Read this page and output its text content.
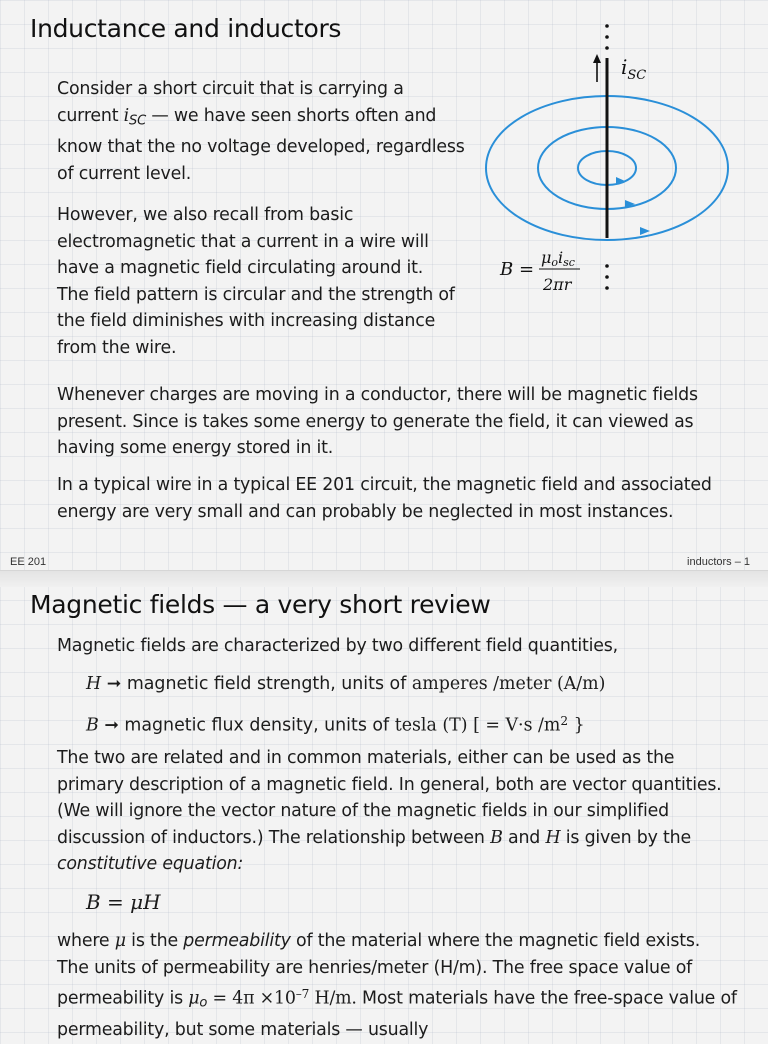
Inductance and inductors

Consider a short circuit that is carrying a current $i_{SC}$ — we have seen shorts often and know that the no voltage developed, regardless of current level.

However, we also recall from basic electromagnetic that a current in a wire will have a magnetic field circulating around it. The field pattern is circular and the strength of the field diminishes with increasing distance from the wire.

Whenever charges are moving in a conductor, there will be magnetic fields present. Since is takes some energy to generate the field, it can viewed as having some energy stored in it.

In a typical wire in a typical EE 201 circuit, the magnetic field and associated energy are very small and can probably be neglected in most instances.

$i_{SC}$
B =
μoisc
2πr
EE 201	inductors – 1
Magnetic fields — a very short review

Magnetic fields are characterized by two different field quantities,

H ➞ magnetic field strength, units of amperes /meter (A/m)

B ➞ magnetic flux density, units of tesla (T) [ = V·s $/m^2$ }

The two are related and in common materials, either can be used as the primary description of a magnetic field. In general, both are vector quantities. (We will ignore the vector nature of the magnetic fields in our simplified discussion of inductors.) The relationship between B and H is given by the constitutive equation:

B = μH

where μ is the permeability of the material where the magnetic field exists. The units of permeability are henries/meter (H/m). The free space value of permeability is $\mu_o = 4\pi \times 10^{-7}$ H/m. Most materials have the free-space value of permeability, but some materials — usually
